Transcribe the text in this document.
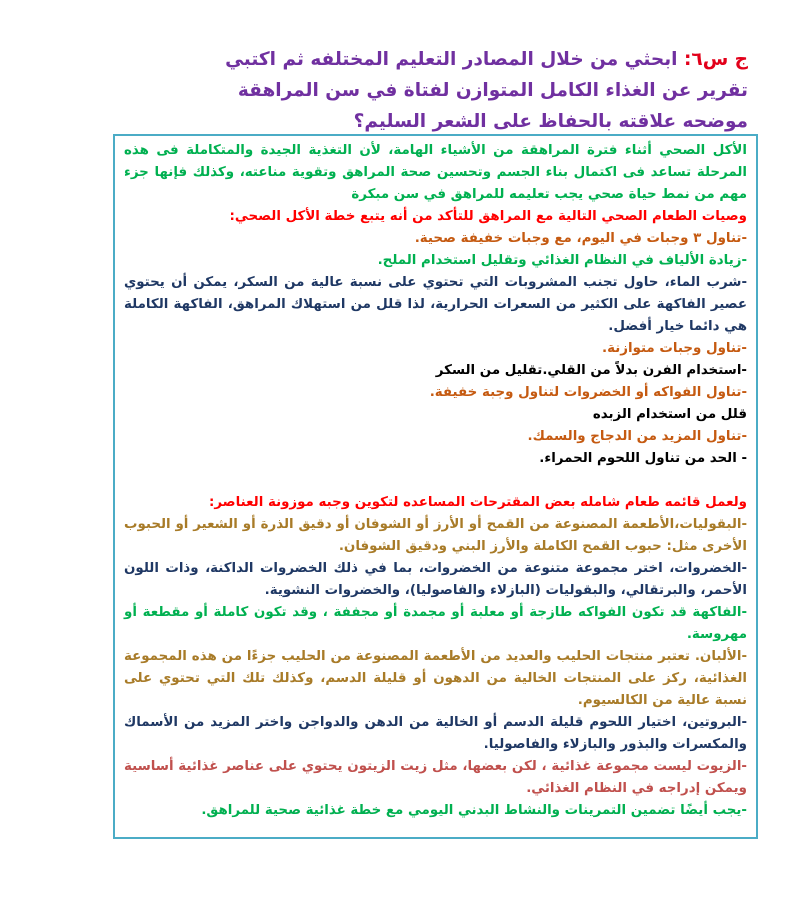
ج س٦: ابحثي من خلال المصادر التعليم المختلفه ثم اكتبي تقرير عن الغذاء الكامل المتوازن لفتاة في سن المراهقة موضحه علاقته بالحفاظ على الشعر السليم؟

الأكل الصحي أثناء فترة المراهقة من الأشياء الهامة، لأن التغذية الجيدة والمتكاملة فى هذه المرحلة تساعد فى اكتمال بناء الجسم وتحسين صحة المراهق وتقوية مناعته، وكذلك فإنها جزء مهم من نمط حياة صحي يجب تعليمه للمراهق في سن مبكرة

وصيات الطعام الصحي التالية مع المراهق للتأكد من أنه يتبع خطة الأكل الصحي:

-تناول ٣ وجبات في اليوم، مع وجبات خفيفة صحية.

-زيادة الألياف في النظام الغذائي وتقليل استخدام الملح.

-شرب الماء، حاول تجنب المشروبات التي تحتوي على نسبة عالية من السكر، يمكن أن يحتوي عصير الفاكهة على الكثير من السعرات الحرارية، لذا قلل من استهلاك المراهق، الفاكهة الكاملة هي دائما خيار أفضل.

-تناول وجبات متوازنة.

-استخدام الفرن بدلاً من القلي.تقليل من السكر

-تناول الفواكه أو الخضروات لتناول وجبة خفيفة.

قلل من استخدام الزبده

-تناول المزيد من الدجاج والسمك.

- الحد من تناول اللحوم الحمراء.

ولعمل قائمه طعام شامله بعض المقترحات المساعده لتكوين وجبه موزونة العناصر:

-البقوليات،الأطعمة المصنوعة من القمح أو الأرز أو الشوفان أو دقيق الذرة أو الشعير أو الحبوب الأخرى مثل: حبوب القمح الكاملة والأرز البني ودقيق الشوفان.

-الخضروات، اختر مجموعة متنوعة من الخضروات، بما في ذلك الخضروات الداكنة، وذات اللون الأحمر، والبرتقالي، والبقوليات (البازلاء والفاصوليا)، والخضروات النشوية.

-الفاكهة قد تكون الفواكه طازجة أو معلبة أو مجمدة أو مجففة ، وقد تكون كاملة أو مقطعة أو مهروسة.

-الألبان. تعتبر منتجات الحليب والعديد من الأطعمة المصنوعة من الحليب جزءًا من هذه المجموعة الغذائية، ركز على المنتجات الخالية من الدهون أو قليلة الدسم، وكذلك تلك التي تحتوي على نسبة عالية من الكالسيوم.

-البروتين، اختيار اللحوم قليلة الدسم أو الخالية من الدهن والدواجن واختر المزيد من الأسماك والمكسرات والبذور والبازلاء والفاصوليا.

-الزيوت ليست مجموعة غذائية ، لكن بعضها، مثل زيت الزيتون يحتوي على عناصر غذائية أساسية ويمكن إدراجه في النظام الغذائي.

-يجب أيضًا تضمين التمرينات والنشاط البدني اليومي مع خطة غذائية صحية للمراهق.
